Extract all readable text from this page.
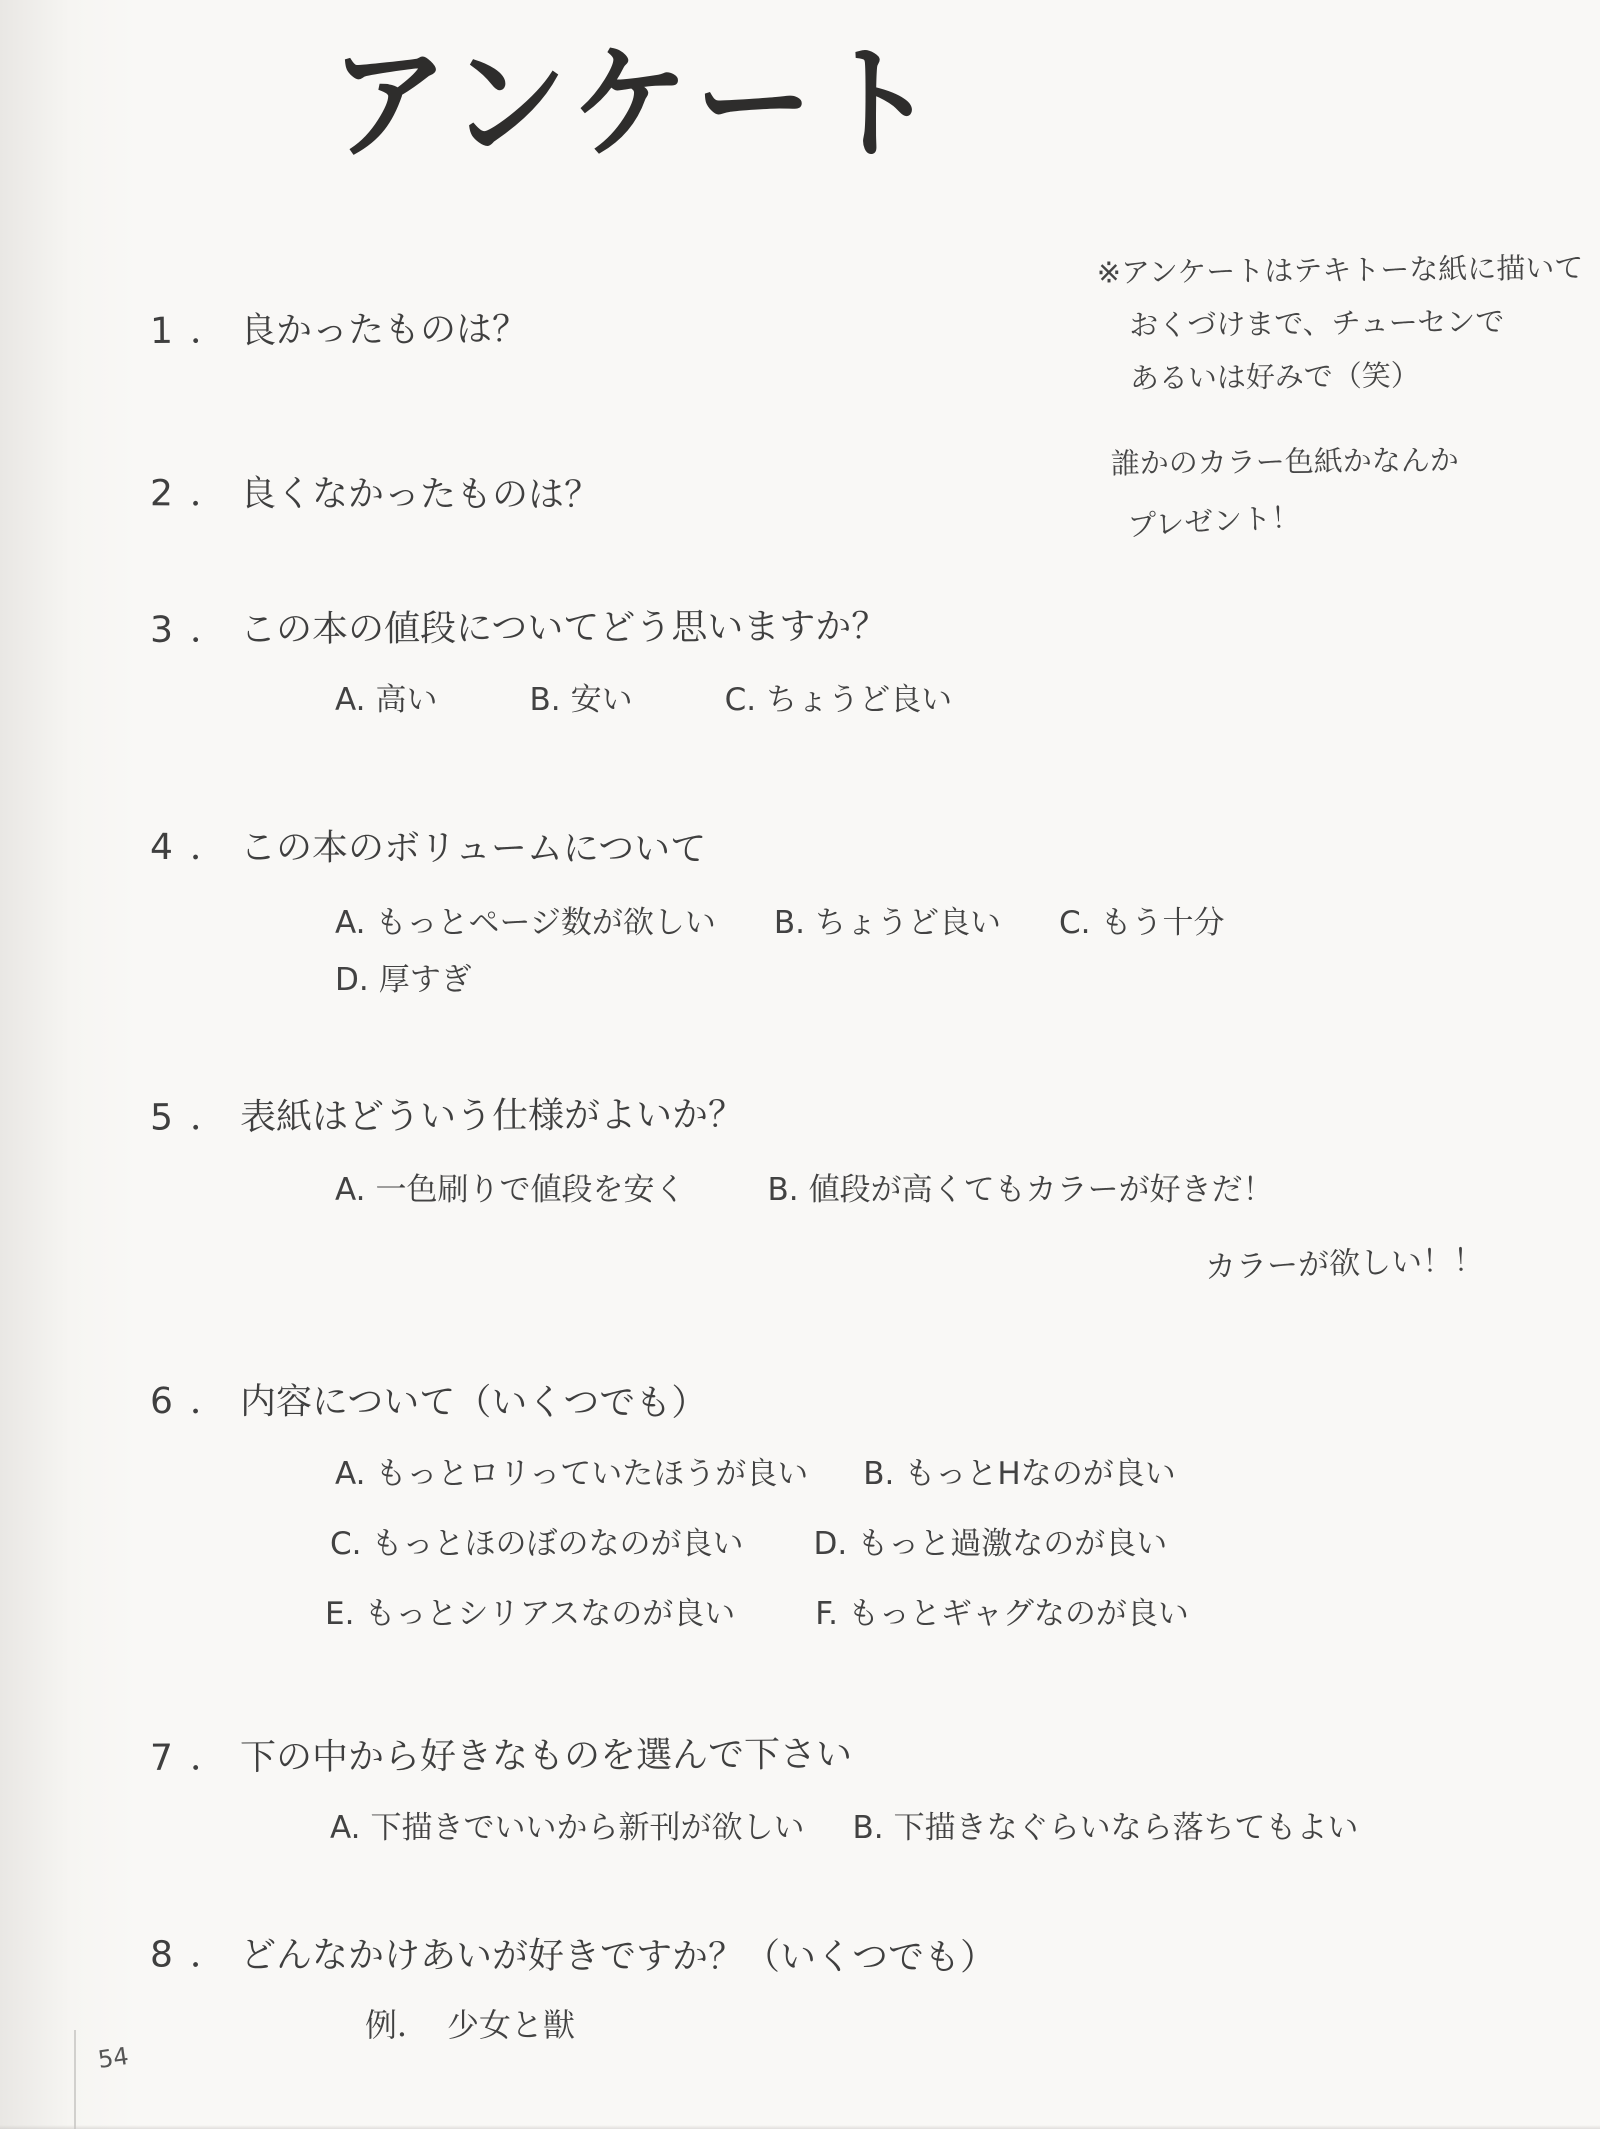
アンケート
※アンケートはテキトーな紙に描いて
おくづけまで、チューセンで
あるいは好みで（笑）
誰かのカラー色紙かなんか
プレゼント！
1 ． 良かったものは？
2 ． 良くなかったものは？
3 ． この本の値段についてどう思いますか？
A. 高い	B. 安い	C. ちょうど良い
4 ． この本のボリュームについて
A. もっとページ数が欲しい B. ちょうど良い C. もう十分
D. 厚すぎ
5 ． 表紙はどういう仕様がよいか？
A. 一色刷りで値段を安く	B. 値段が高くてもカラーが好きだ！
カラーが欲しい！！
6 ． 内容について（いくつでも）
A. もっとロリっていたほうが良い B. もっとHなのが良い
C. もっとほのぼのなのが良い D. もっと過激なのが良い
E. もっとシリアスなのが良い	F. もっとギャグなのが良い
7 ． 下の中から好きなものを選んで下さい
A. 下描きでいいから新刊が欲しい B. 下描きなぐらいなら落ちてもよい
8 ． どんなかけあいが好きですか？（いくつでも）
例． 少女と獣
54
